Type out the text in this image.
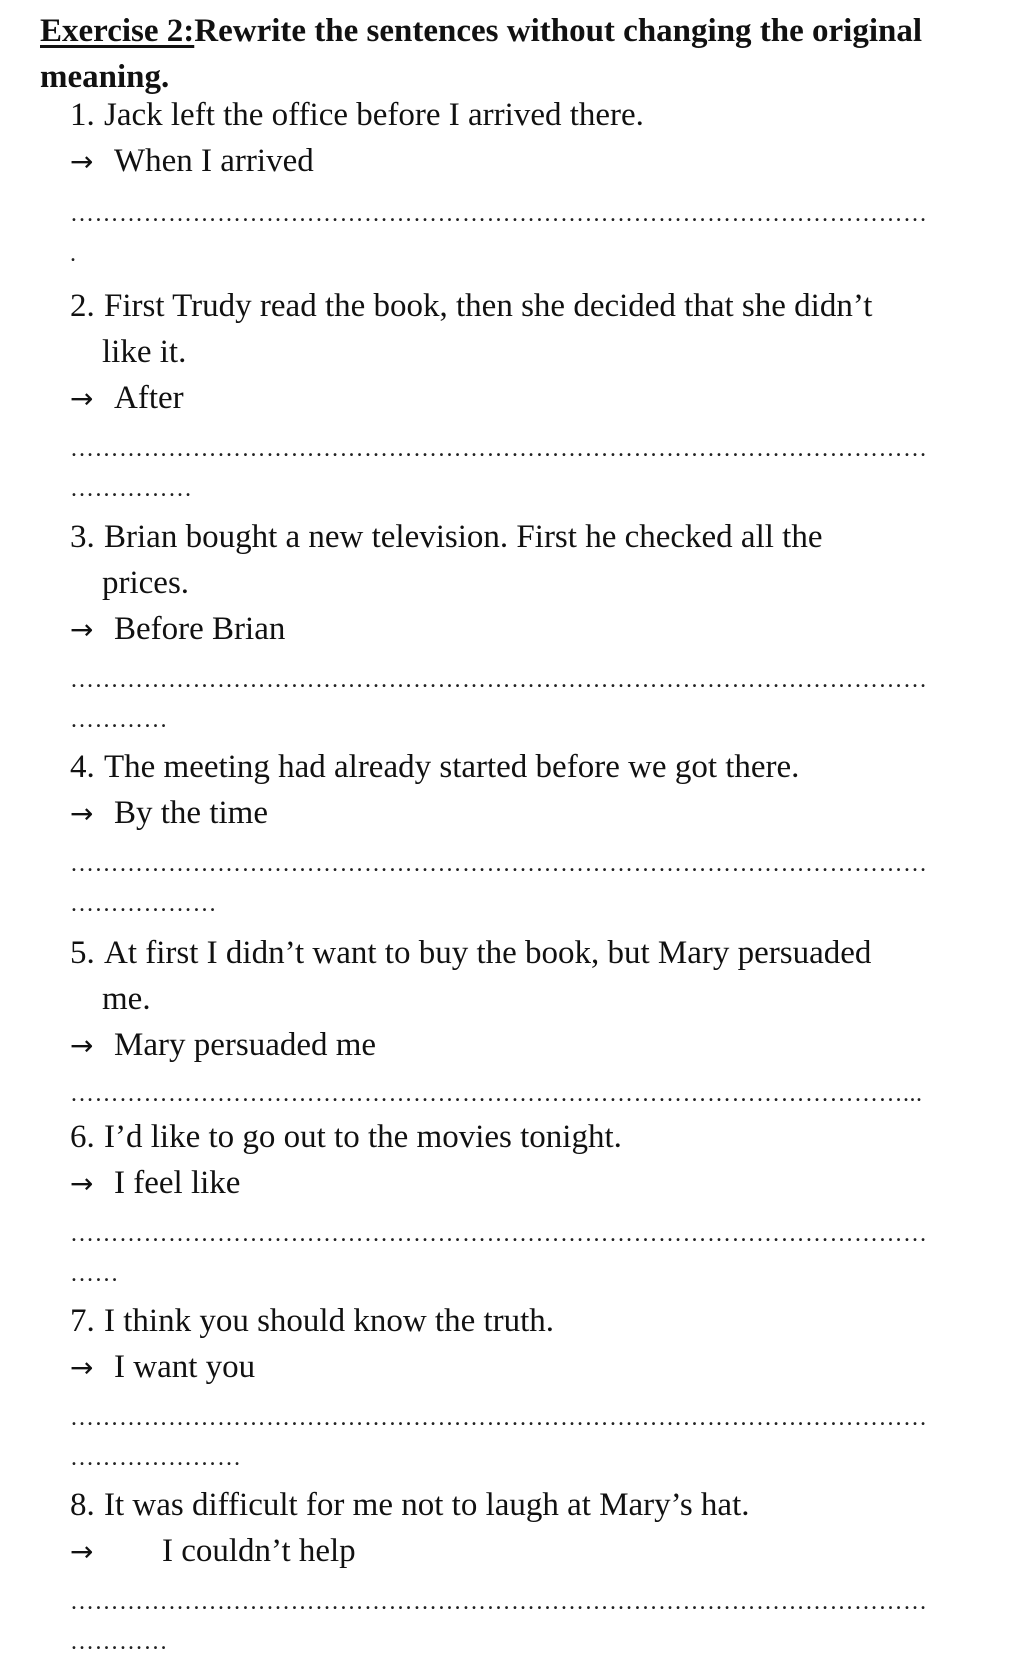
Exercise 2:Rewrite the sentences without changing the original meaning.

1. Jack left the office before I arrived there.

→ When I arrived

……………………………………………………………………………………………
.

2. First Trudy read the book, then she decided that she didn’t
like it.

→ After

……………………………………………………………………………………………
……………

3. Brian bought a new television. First he checked all the
prices.

→ Before Brian

……………………………………………………………………………………………
…………

4. The meeting had already started before we got there.

→ By the time

……………………………………………………………………………………………
………………

5. At first I didn’t want to buy the book, but Mary persuaded
me.

→ Mary persuaded me

…………………………………………………………………………………………...

6. I’d like to go out to the movies tonight.

→ I feel like

……………………………………………………………………………………………
……

7. I think you should know the truth.

→ I want you

……………………………………………………………………………………………
…………………

8. It was difficult for me not to laugh at Mary’s hat.

→	I couldn’t help

……………………………………………………………………………………………
…………
